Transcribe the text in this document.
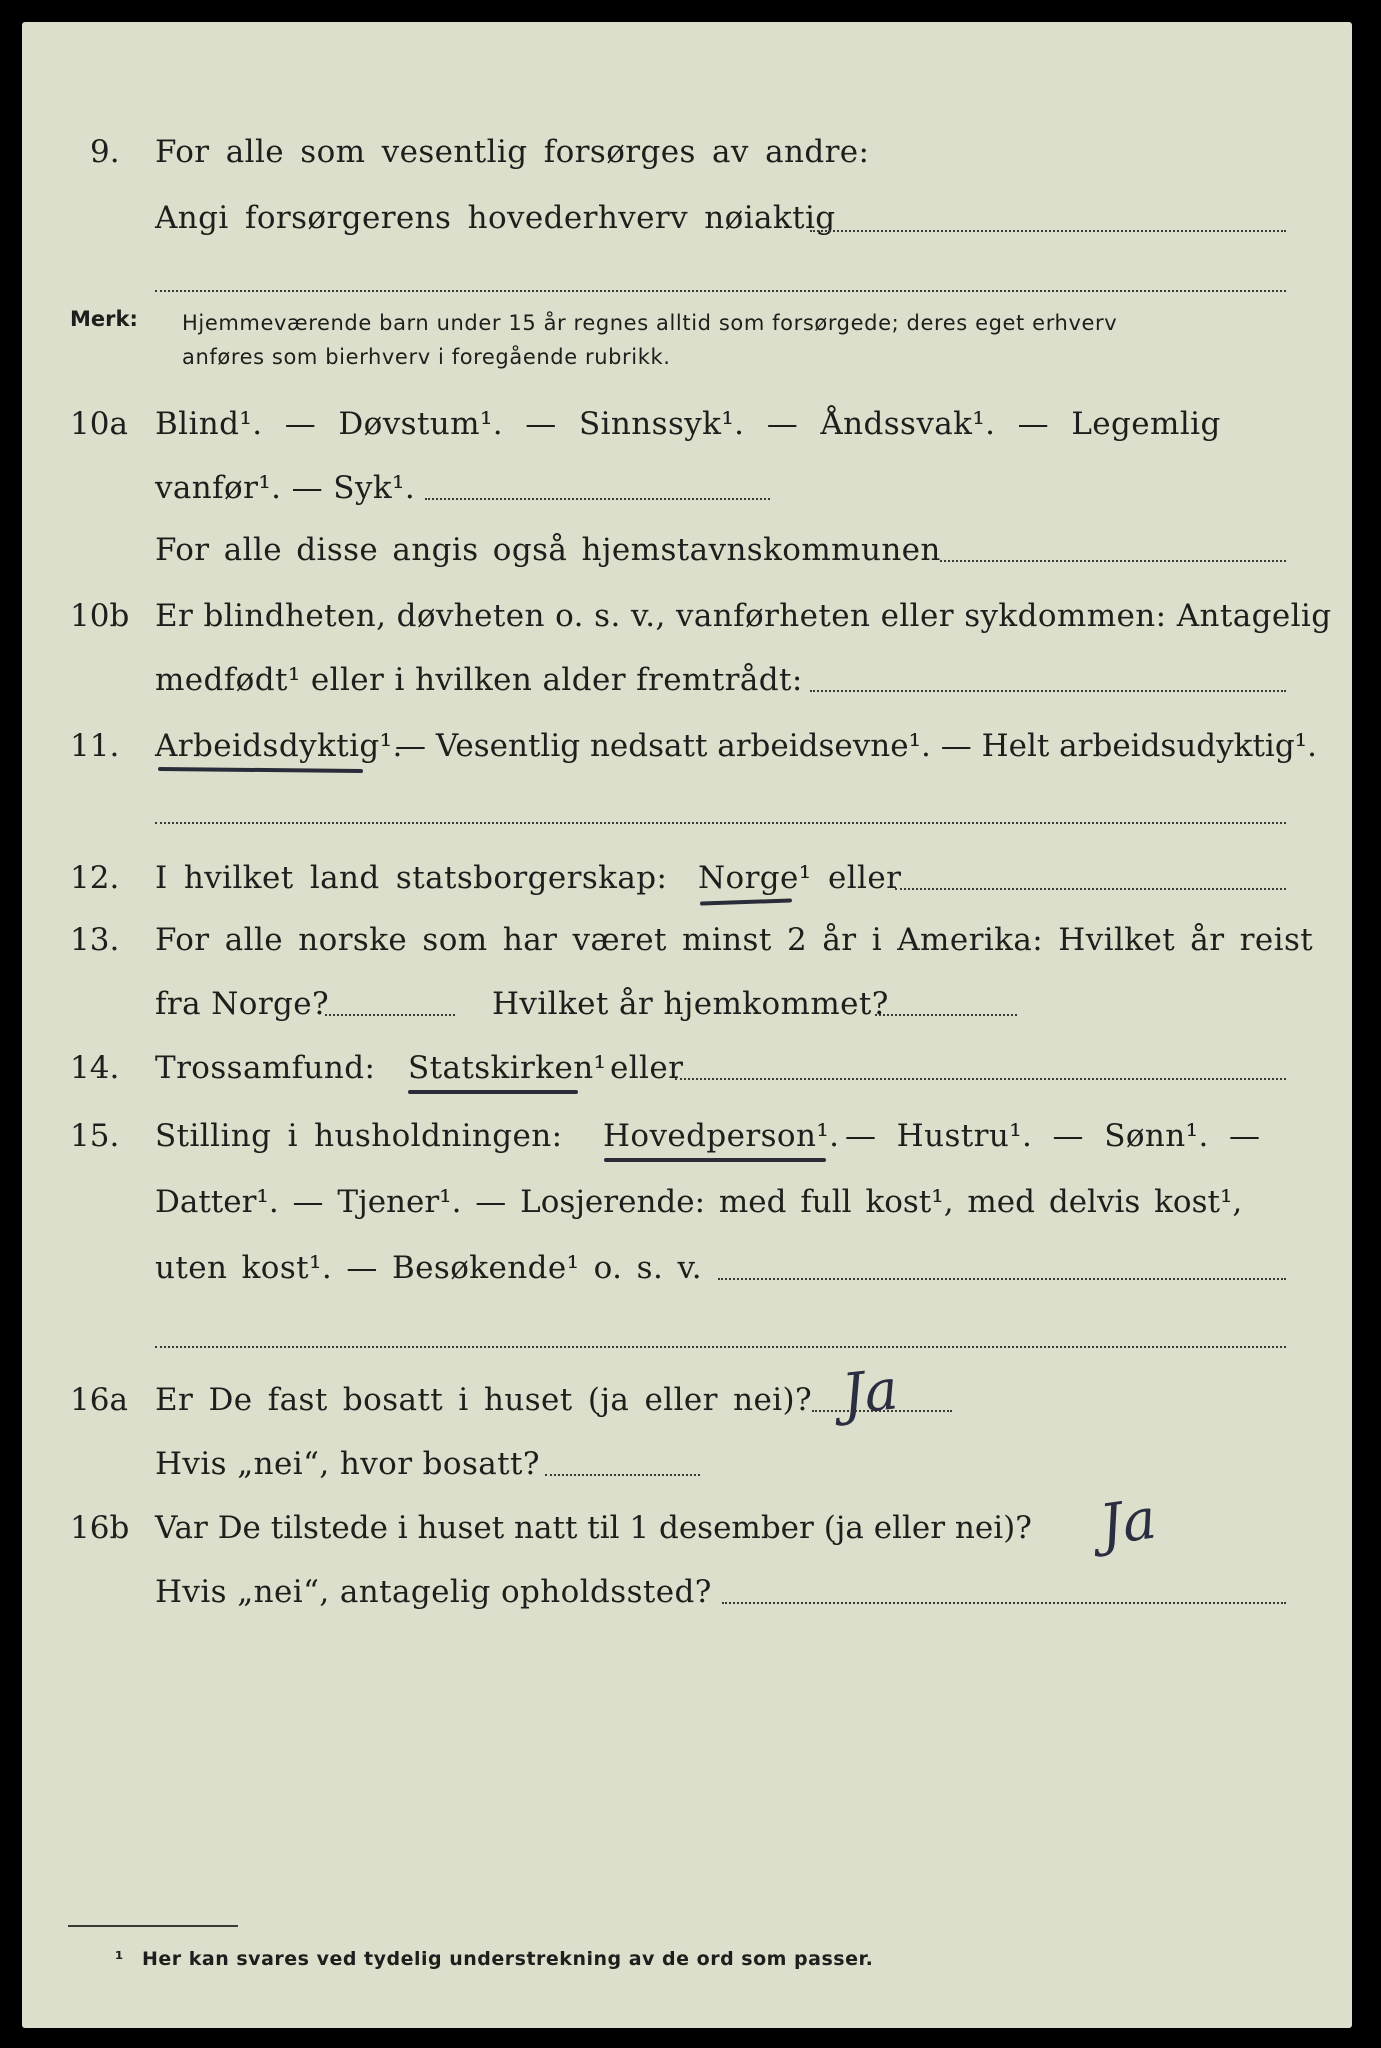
9. For alle som vesentlig forsørges av andre:
Angi forsørgerens hovederhverv nøiaktig
Merk: Hjemmeværende barn under 15 år regnes alltid som forsørgede; deres eget erhverv
anføres som bierhverv i foregående rubrikk.
10a Blind¹. — Døvstum¹. — Sinnssyk¹. — Åndssvak¹. — Legemlig
vanfør¹. — Syk¹.
For alle disse angis også hjemstavnskommunen
10b Er blindheten, døvheten o. s. v., vanførheten eller sykdommen: Antagelig
medfødt¹ eller i hvilken alder fremtrådt:
11. Arbeidsdyktig¹.
— Vesentlig nedsatt arbeidsevne¹. — Helt arbeidsudyktig¹.
12. I hvilket land statsborgerskap: Norge¹ eller
13. For alle norske som har været minst 2 år i Amerika: Hvilket år reist
fra Norge?	Hvilket år hjemkommet?
14. Trossamfund: Statskirken¹ eller
15. Stilling i husholdningen: Hovedperson¹. — Hustru¹. — Sønn¹. —
Datter¹. — Tjener¹. — Losjerende: med full kost¹, med delvis kost¹,
uten kost¹. — Besøkende¹ o. s. v.
16a Er De fast bosatt i huset (ja eller nei)? Ja
Hvis „nei“, hvor bosatt?
16b Var De tilstede i huset natt til 1 desember (ja eller nei)? Ja
Hvis „nei“, antagelig opholdssted?
¹ Her kan svares ved tydelig understrekning av de ord som passer.
